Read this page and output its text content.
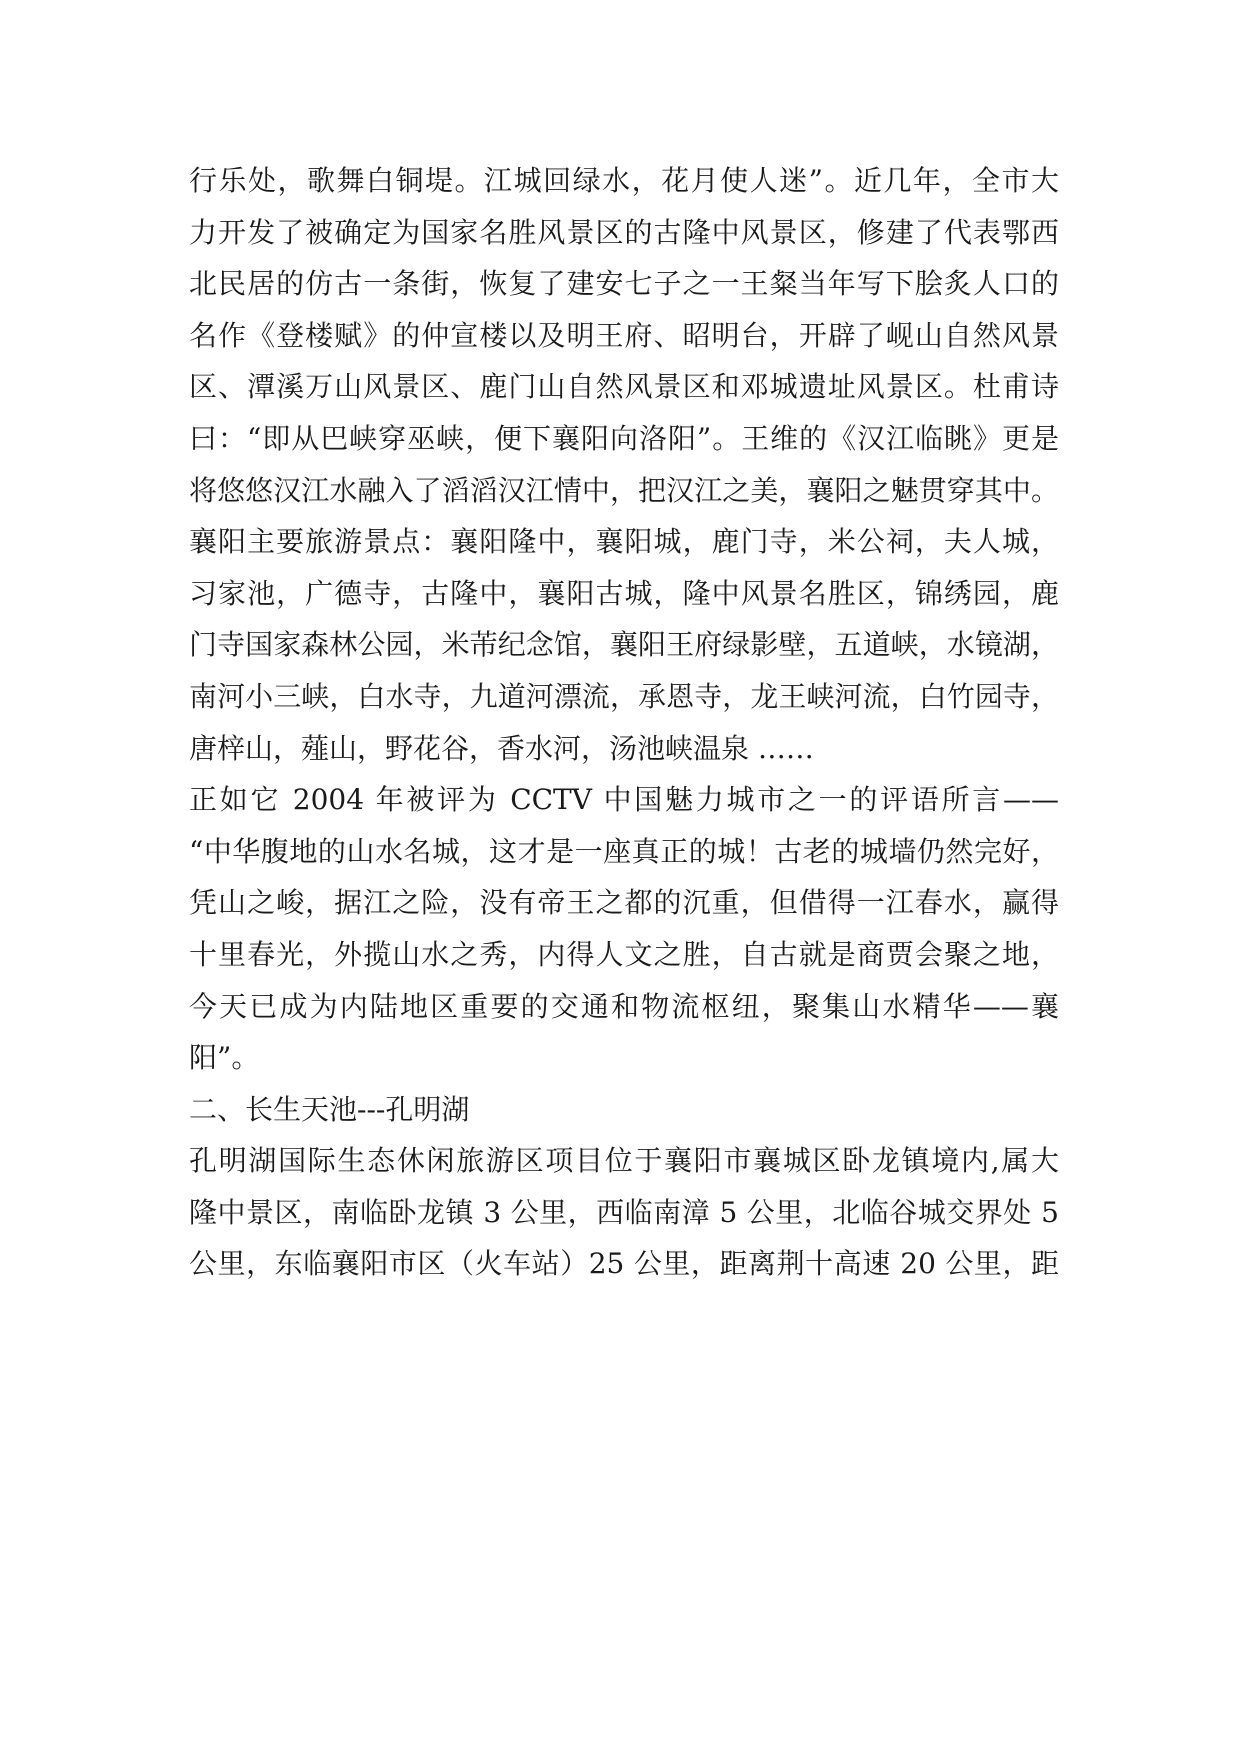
行乐处，歌舞白铜堤。江城回绿水，花月使人迷”。近几年，全市大
力开发了被确定为国家名胜风景区的古隆中风景区，修建了代表鄂西
北民居的仿古一条街，恢复了建安七子之一王粲当年写下脍炙人口的
名作《登楼赋》的仲宣楼以及明王府、昭明台，开辟了岘山自然风景
区、潭溪万山风景区、鹿门山自然风景区和邓城遗址风景区。杜甫诗
曰：“即从巴峡穿巫峡，便下襄阳向洛阳”。王维的《汉江临眺》更是
将悠悠汉江水融入了滔滔汉江情中，把汉江之美，襄阳之魅贯穿其中。
襄阳主要旅游景点：襄阳隆中，襄阳城，鹿门寺，米公祠，夫人城，
习家池，广德寺，古隆中，襄阳古城，隆中风景名胜区，锦绣园，鹿
门寺国家森林公园，米芾纪念馆，襄阳王府绿影壁，五道峡，水镜湖，
南河小三峡，白水寺，九道河漂流，承恩寺，龙王峡河流，白竹园寺，
唐梓山，薤山，野花谷，香水河，汤池峡温泉 ……
正如它 2004 年被评为 CCTV 中国魅力城市之一的评语所言——
“中华腹地的山水名城，这才是一座真正的城！古老的城墙仍然完好，
凭山之峻，据江之险，没有帝王之都的沉重，但借得一江春水，赢得
十里春光，外揽山水之秀，内得人文之胜，自古就是商贾会聚之地，
今天已成为内陆地区重要的交通和物流枢纽，聚集山水精华——襄
阳”。
二、长生天池---孔明湖
孔明湖国际生态休闲旅游区项目位于襄阳市襄城区卧龙镇境内,属大
隆中景区，南临卧龙镇 3 公里，西临南漳 5 公里，北临谷城交界处 5
公里，东临襄阳市区（火车站）25 公里，距离荆十高速 20 公里，距
